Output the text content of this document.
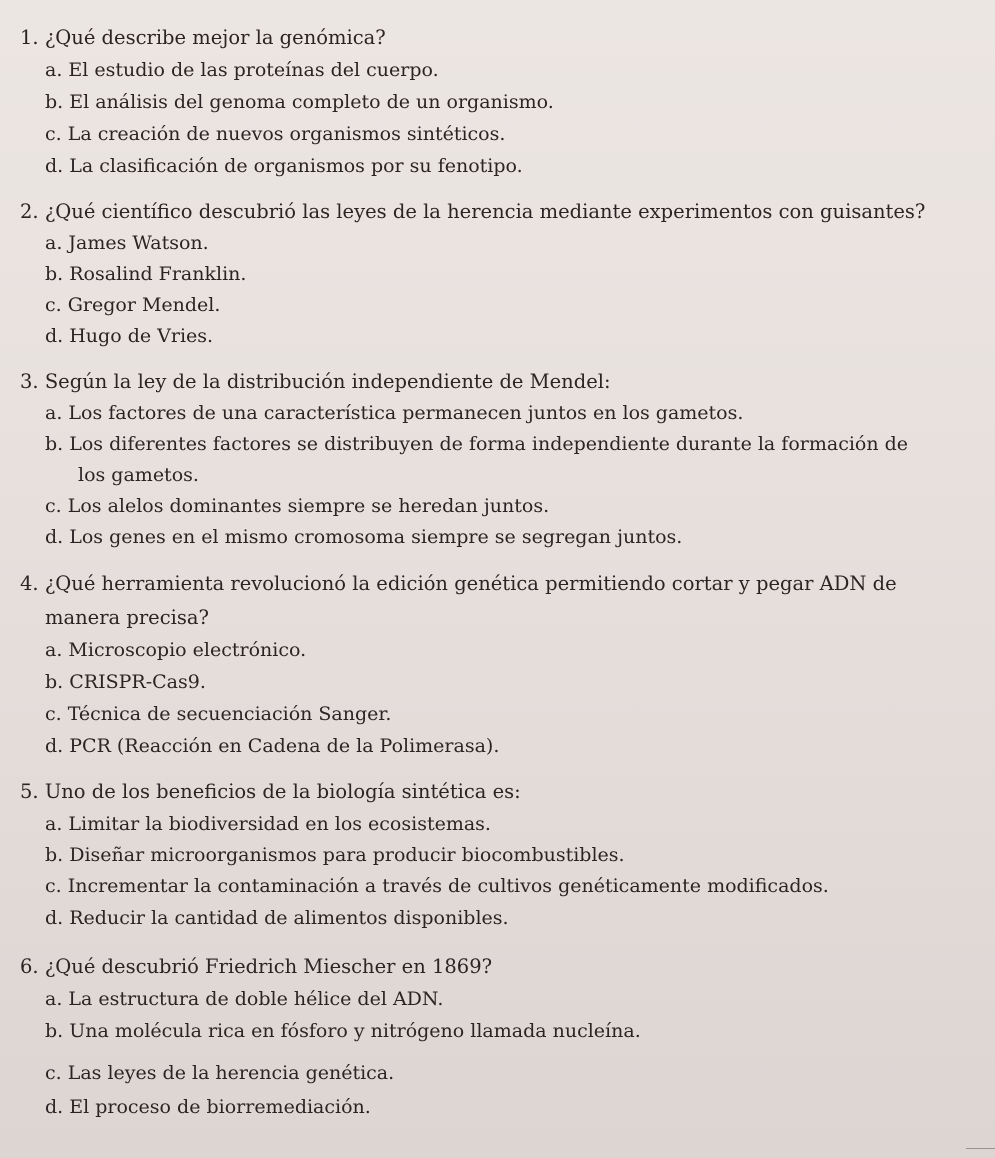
1. ¿Qué describe mejor la genómica?
a. El estudio de las proteínas del cuerpo.
b. El análisis del genoma completo de un organismo.
c. La creación de nuevos organismos sintéticos.
d. La clasificación de organismos por su fenotipo.
2. ¿Qué científico descubrió las leyes de la herencia mediante experimentos con guisantes?
a. James Watson.
b. Rosalind Franklin.
c. Gregor Mendel.
d. Hugo de Vries.
3. Según la ley de la distribución independiente de Mendel:
a. Los factores de una característica permanecen juntos en los gametos.
b. Los diferentes factores se distribuyen de forma independiente durante la formación de
los gametos.
c. Los alelos dominantes siempre se heredan juntos.
d. Los genes en el mismo cromosoma siempre se segregan juntos.
4. ¿Qué herramienta revolucionó la edición genética permitiendo cortar y pegar ADN de
manera precisa?
a. Microscopio electrónico.
b. CRISPR-Cas9.
c. Técnica de secuenciación Sanger.
d. PCR (Reacción en Cadena de la Polimerasa).
5. Uno de los beneficios de la biología sintética es:
a. Limitar la biodiversidad en los ecosistemas.
b. Diseñar microorganismos para producir biocombustibles.
c. Incrementar la contaminación a través de cultivos genéticamente modificados.
d. Reducir la cantidad de alimentos disponibles.
6. ¿Qué descubrió Friedrich Miescher en 1869?
a. La estructura de doble hélice del ADN.
b. Una molécula rica en fósforo y nitrógeno llamada nucleína.
c. Las leyes de la herencia genética.
d. El proceso de biorremediación.
